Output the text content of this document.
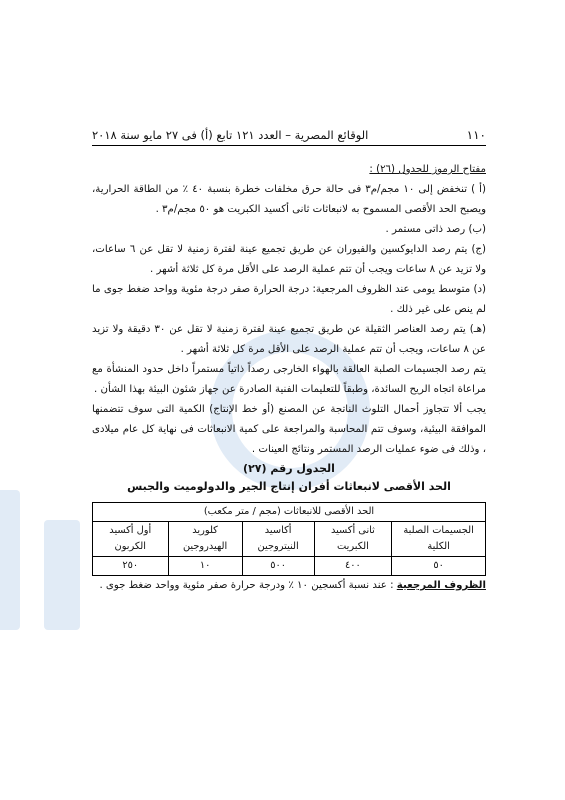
١١٠
الوقائع المصرية – العدد ١٢١ تابع (أ) فى ٢٧ مايو سنة ٢٠١٨

مفتاح الرموز للجدول (٢٦) :

(أ ) تنخفض إلى ١٠ مجم/م٣ فى حالة حرق مخلفات خطرة بنسبة ٤٠ ٪ من الطاقة الحرارية، ويصبح الحد الأقصى المسموح به لانبعاثات ثانى أكسيد الكبريت هو ٥٠ مجم/م٣ .

(ب) رصد ذاتى مستمر .

(ج) يتم رصد الدايوكسين والفيوران عن طريق تجميع عينة لفترة زمنية لا تقل عن ٦ ساعات، ولا تزيد عن ٨ ساعات ويجب أن تتم عملية الرصد على الأقل مرة كل ثلاثة أشهر .

(د) متوسط يومى عند الظروف المرجعية: درجة الحرارة صفر درجة مئوية وواحد ضغط جوى ما لم ينص على غير ذلك .

(هـ) يتم رصد العناصر الثقيلة عن طريق تجميع عينة لفترة زمنية لا تقل عن ٣٠ دقيقة ولا تزيد عن ٨ ساعات، ويجب أن تتم عملية الرصد على الأقل مرة كل ثلاثة أشهر .

يتم رصد الجسيمات الصلبة العالقة بالهواء الخارجى رصداً ذاتياً مستمراً داخل حدود المنشأة مع مراعاة اتجاه الريح السائدة، وطبقاً للتعليمات الفنية الصادرة عن جهاز شئون البيئة بهذا الشأن .

يجب ألا تتجاوز أحمال التلوث الناتجة عن المصنع (أو خط الإنتاج) الكمية التى سوف تتضمنها الموافقة البيئية، وسوف تتم المحاسبة والمراجعة على كمية الانبعاثات فى نهاية كل عام ميلادى ، وذلك فى ضوء عمليات الرصد المستمر ونتائج العينات .

الجدول رقم (٢٧)

الحد الأقصى لانبعاثات أفران إنتاج الجير والدولوميت والجبس

الحد الأقصى للانبعاثات (مجم / متر مكعب)				
الجسيمات الصلبة الكلية	ثانى أكسيد الكبريت	أكاسيد النيتروجين	كلوريد الهيدروجين	أول أكسيد الكربون
٥٠	٤٠٠	٥٠٠	١٠	٢٥٠

الظروف المرجعية : عند نسبة أكسجين ١٠ ٪ ودرجة حرارة صفر مئوية وواحد ضغط جوى .
